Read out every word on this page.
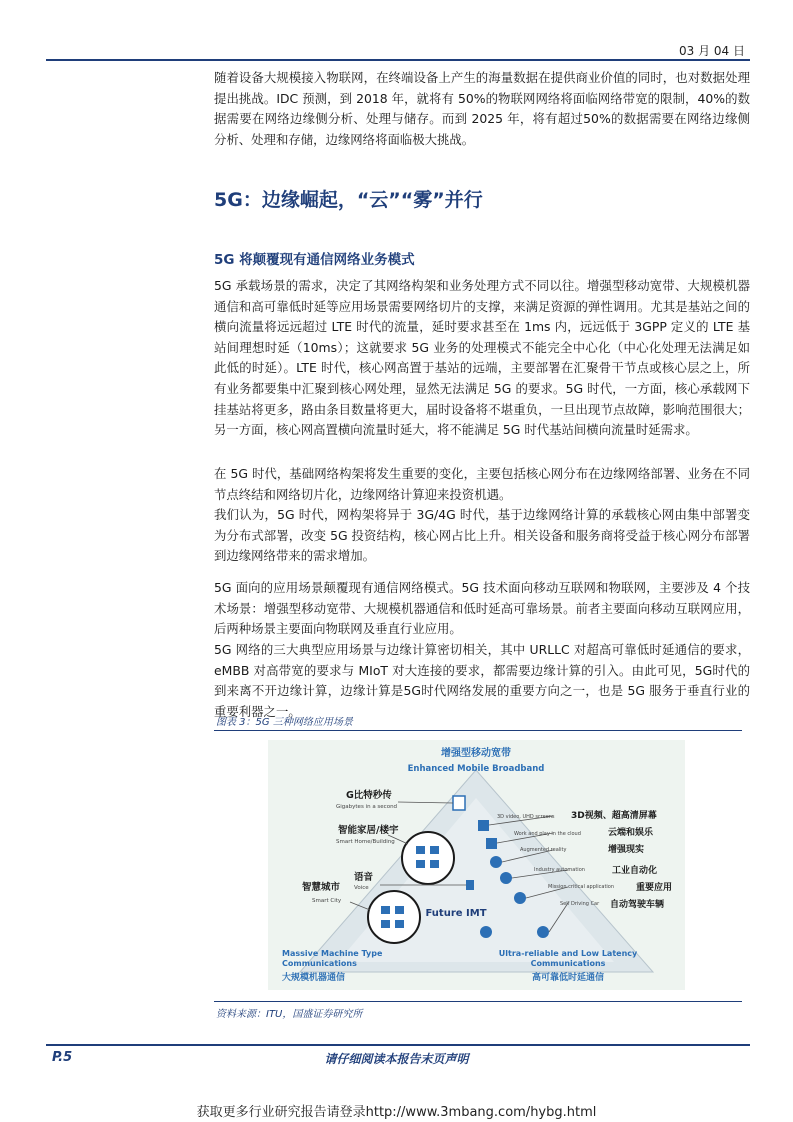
03 月 04 日

随着设备大规模接入物联网，在终端设备上产生的海量数据在提供商业价值的同时，也对数据处理提出挑战。IDC 预测，到 2018 年，就将有 50%的物联网网络将面临网络带宽的限制，40%的数据需要在网络边缘侧分析、处理与储存。而到 2025 年，将有超过50%的数据需要在网络边缘侧分析、处理和存储，边缘网络将面临极大挑战。

5G：边缘崛起，“云”“雾”并行
5G 将颠覆现有通信网络业务模式

5G 承载场景的需求，决定了其网络构架和业务处理方式不同以往。增强型移动宽带、大规模机器通信和高可靠低时延等应用场景需要网络切片的支撑，来满足资源的弹性调用。尤其是基站之间的横向流量将远远超过 LTE 时代的流量，延时要求甚至在 1ms 内，远远低于 3GPP 定义的 LTE 基站间理想时延（10ms）；这就要求 5G 业务的处理模式不能完全中心化（中心化处理无法满足如此低的时延）。LTE 时代，核心网高置于基站的远端，主要部署在汇聚骨干节点或核心层之上，所有业务都要集中汇聚到核心网处理，显然无法满足 5G 的要求。5G 时代，一方面，核心承载网下挂基站将更多，路由条目数量将更大，届时设备将不堪重负，一旦出现节点故障，影响范围很大；另一方面，核心网高置横向流量时延大，将不能满足 5G 时代基站间横向流量时延需求。

在 5G 时代，基础网络构架将发生重要的变化，主要包括核心网分布在边缘网络部署、业务在不同节点终结和网络切片化，边缘网络计算迎来投资机遇。

我们认为，5G 时代，网构架将异于 3G/4G 时代，基于边缘网络计算的承载核心网由集中部署变为分布式部署，改变 5G 投资结构，核心网占比上升。相关设备和服务商将受益于核心网分布部署到边缘网络带来的需求增加。

5G 面向的应用场景颠覆现有通信网络模式。5G 技术面向移动互联网和物联网，主要涉及 4 个技术场景：增强型移动宽带、大规模机器通信和低时延高可靠场景。前者主要面向移动互联网应用，后两种场景主要面向物联网及垂直行业应用。

5G 网络的三大典型应用场景与边缘计算密切相关，其中 URLLC 对超高可靠低时延通信的要求，eMBB 对高带宽的要求与 MIoT 对大连接的要求，都需要边缘计算的引入。由此可见，5G时代的到来离不开边缘计算，边缘计算是5G时代网络发展的重要方向之一，也是 5G 服务于垂直行业的重要利器之一。

图表 3：5G 三种网络应用场景
增强型移动宽带
Enhanced Mobile Broadband
Future IMT
G比特秒传
Gigabytes in a second
智能家居/楼宇
Smart Home/Building
语音
Voice
智慧城市
Smart City
3D video, UHD screens 3D视频、超高清屏幕
Work and play in the cloud	云端和娱乐
Augmented reality	增强现实
Industry automation	工业自动化
Mission critical application 重要应用
Self Driving Car 自动驾驶车辆
Massive Machine Type
Communications
大规模机器通信
Ultra-reliable and Low Latency
Communications
高可靠低时延通信
资料来源：ITU，国盛证券研究所
P.5	请仔细阅读本报告末页声明
获取更多行业研究报告请登录http://www.3mbang.com/hybg.html
